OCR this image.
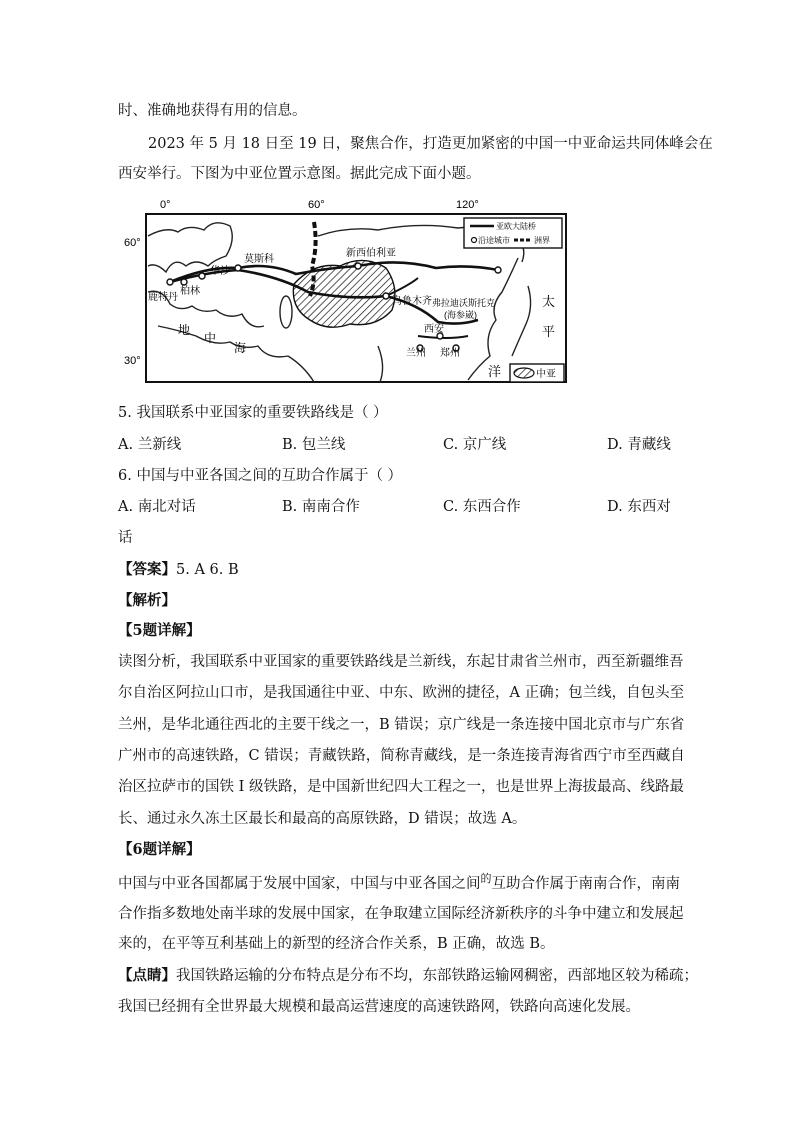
时、准确地获得有用的信息。
2023 年 5 月 18 日至 19 日，聚焦合作，打造更加紧密的中国一中亚命运共同体峰会在
西安举行。下图为中亚位置示意图。据此完成下面小题。
0°	60°	120°
60°
30°
新西伯利亚
莫斯科
华沙
柏林
鹿特丹	乌鲁木齐 弗拉迪沃斯托克
(海参崴)
西安
兰州 郑州
地
中
海
太
平
洋
亚欧大陆桥
沿途城市	洲界
中亚
5. 我国联系中亚国家的重要铁路线是（ ）
A. 兰新线	B. 包兰线	C. 京广线	D. 青藏线
6. 中国与中亚各国之间的互助合作属于（ ）
A. 南北对话	B. 南南合作	C. 东西合作	D. 东西对
话
【答案】5. A 6. B
【解析】
【5题详解】
读图分析，我国联系中亚国家的重要铁路线是兰新线，东起甘肃省兰州市，西至新疆维吾
尔自治区阿拉山口市，是我国通往中亚、中东、欧洲的捷径，A 正确；包兰线，自包头至
兰州，是华北通往西北的主要干线之一，B 错误；京广线是一条连接中国北京市与广东省
广州市的高速铁路，C 错误；青藏铁路，简称青藏线，是一条连接青海省西宁市至西藏自
治区拉萨市的国铁 I 级铁路，是中国新世纪四大工程之一，也是世界上海拔最高、线路最
长、通过永久冻土区最长和最高的高原铁路，D 错误；故选 A。
【6题详解】
中国与中亚各国都属于发展中国家，中国与中亚各国之间$^的$互助合作属于南南合作，南南
合作指多数地处南半球的发展中国家，在争取建立国际经济新秩序的斗争中建立和发展起
来的，在平等互利基础上的新型的经济合作关系，B 正确，故选 B。
【点睛】我国铁路运输的分布特点是分布不均，东部铁路运输网稠密，西部地区较为稀疏；
我国已经拥有全世界最大规模和最高运营速度的高速铁路网，铁路向高速化发展。
